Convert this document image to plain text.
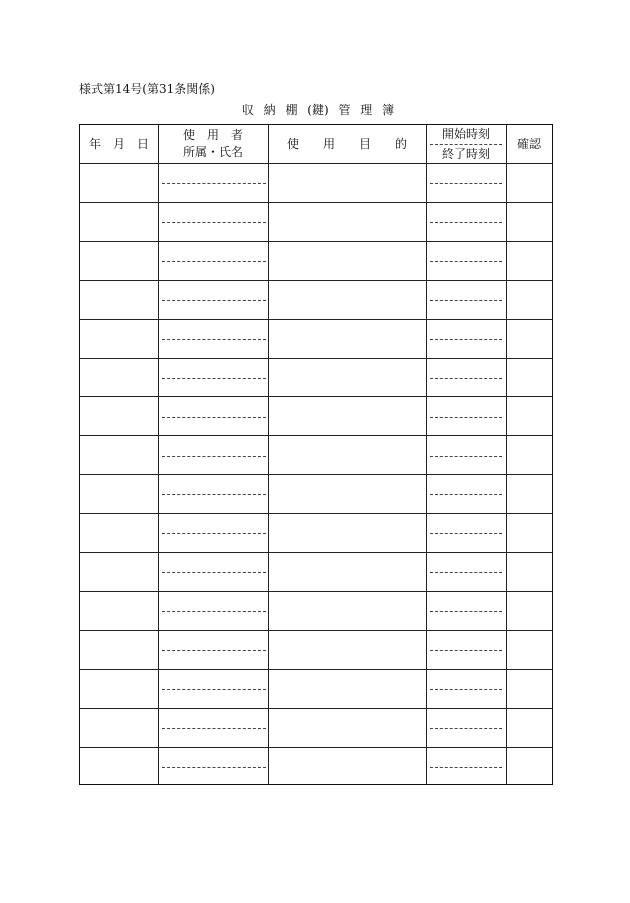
様式第14号(第31条関係)
収 納 棚 (鍵) 管 理 簿
年　月　日
使　用　者
所属・氏名
使　　用　　目　　的
開始時刻
終了時刻
確認
